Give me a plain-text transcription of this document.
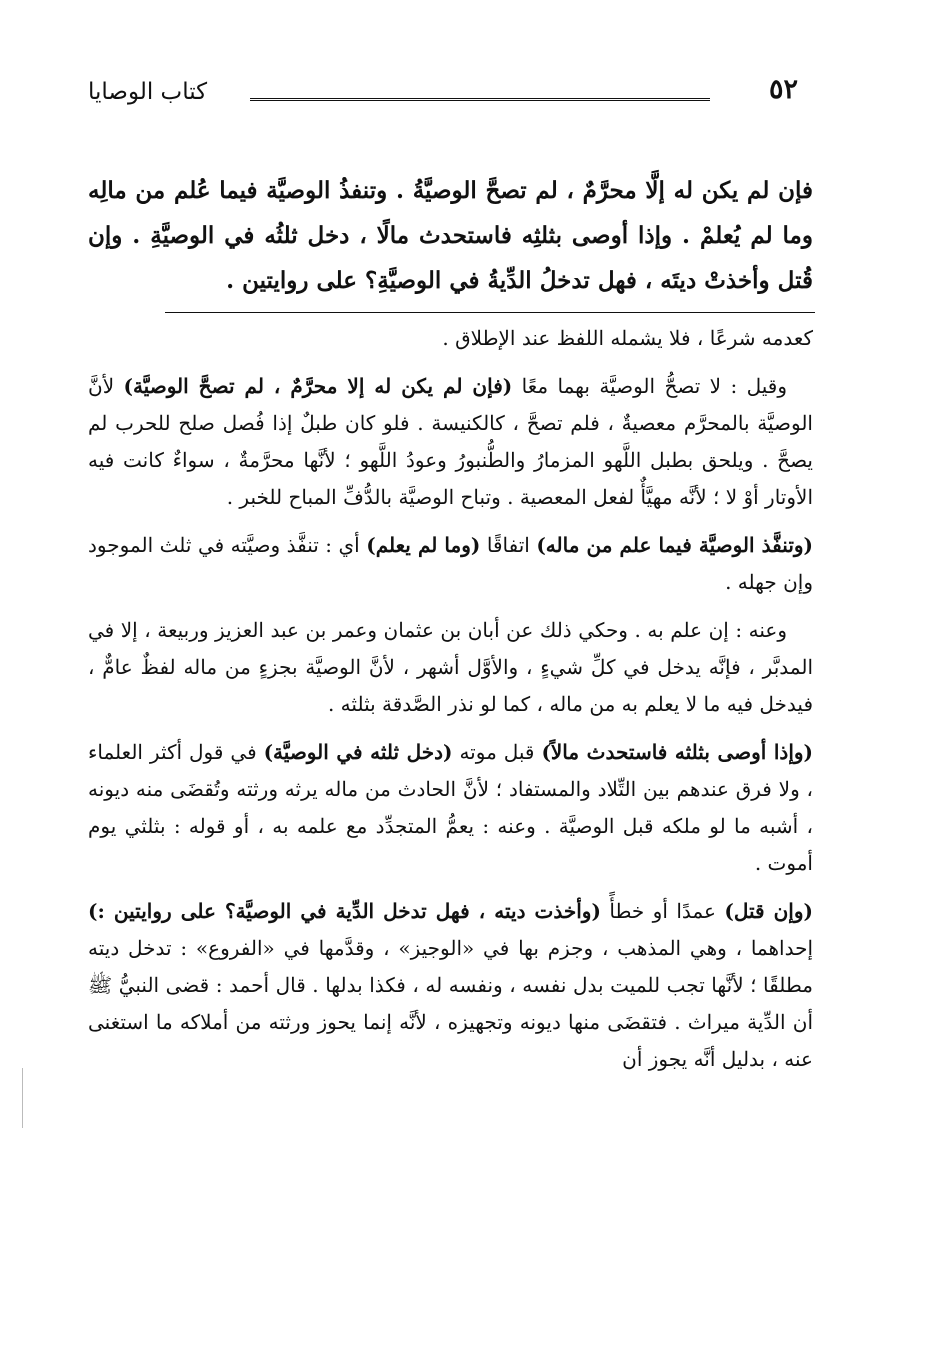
٥٢
كتاب الوصايا
فإن لم يكن له إلَّا محرَّمٌ ، لم تصحَّ الوصيَّةُ . وتنفذُ الوصيَّة فيما عُلم من مالِه وما لم يُعلمْ . وإذا أوصى بثلثِه فاستحدث مالًا ، دخل ثلثُه في الوصيَّةِ . وإن قُتل وأخذتْ ديتَه ، فهل تدخلُ الدِّيةُ في الوصيَّةِ؟ على روايتين .

كعدمه شرعًا ، فلا يشمله اللفظ عند الإطلاق .

وقيل : لا تصحُّ الوصيَّة بهما معًا (فإن لم يكن له إلا محرَّمٌ ، لم تصحَّ الوصيَّة) لأنَّ الوصيَّة بالمحرَّم معصيةٌ ، فلم تصحَّ ، كالكنيسة . فلو كان طبلٌ إذا فُصل صلح للحرب لم يصحَّ . ويلحق بطبل اللَّهو المزمارُ والطُّنبورُ وعودُ اللَّهو ؛ لأنَّها محرَّمةٌ ، سواءٌ كانت فيه الأوتار أوْ لا ؛ لأنَّه مهيَّأٌ لفعل المعصية . وتباح الوصيَّة بالدُّفِّ المباح للخبر .

(وتنفَّذ الوصيَّة فيما علم من ماله) اتفاقًا (وما لم يعلم) أي : تنفَّذ وصيَّته في ثلث الموجود وإن جهله .

وعنه : إن علم به . وحكي ذلك عن أبان بن عثمان وعمر بن عبد العزيز وربيعة ، إلا في المدبَّر ، فإنَّه يدخل في كلِّ شيءٍ ، والأوَّل أشهر ، لأنَّ الوصيَّة بجزءٍ من ماله لفظٌ عامٌّ ، فيدخل فيه ما لا يعلم به من ماله ، كما لو نذر الصَّدقة بثلثه .

(وإذا أوصى بثلثه فاستحدث مالاً) قبل موته (دخل ثلثه في الوصيَّة) في قول أكثر العلماء ، ولا فرق عندهم بين التِّلاد والمستفاد ؛ لأنَّ الحادث من ماله يرثه ورثته وتُقضَى منه ديونه ، أشبه ما لو ملكه قبل الوصيَّة . وعنه : يعمُّ المتجدِّد مع علمه به ، أو قوله : بثلثي يوم أموت .

(وإن قتل) عمدًا أو خطأً (وأخذت ديته ، فهل تدخل الدِّية في الوصيَّة؟ على روايتين :) إحداهما ، وهي المذهب ، وجزم بها في «الوجيز» ، وقدَّمها في «الفروع» : تدخل ديته مطلقًا ؛ لأنَّها تجب للميت بدل نفسه ، ونفسه له ، فكذا بدلها . قال أحمد : قضى النبيُّ ﷺ أن الدِّية ميراث . فتقضَى منها ديونه وتجهيزه ، لأنَّه إنما يحوز ورثته من أملاكه ما استغنى عنه ، بدليل أنَّه يجوز أن
